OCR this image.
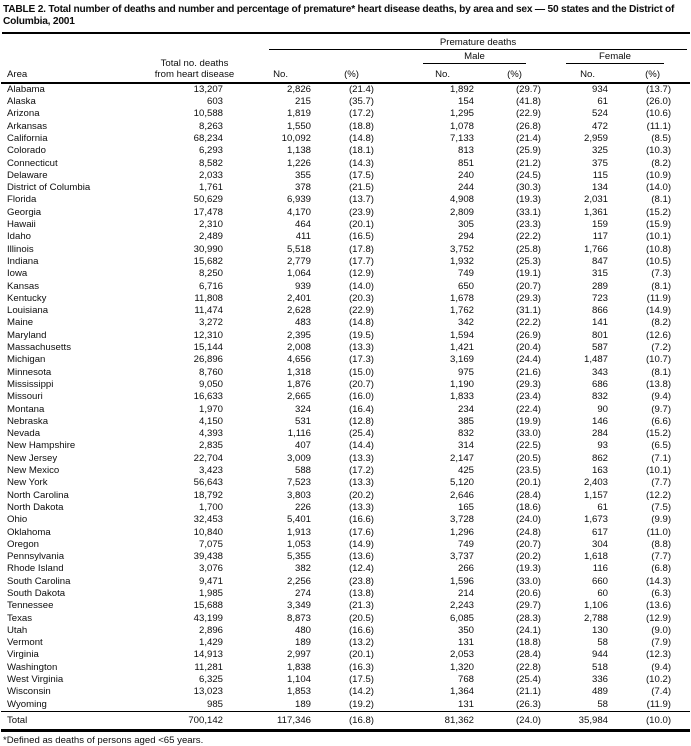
TABLE 2. Total number of deaths and number and percentage of premature* heart disease deaths, by area and sex — 50 states and the District of Columbia, 2001
Area	Total no. deaths
from heart disease	Premature deaths					

				Male		Female	

		No.	(%)	No.	(%)	No.	(%)
Alabama	13,207	2,826	(21.4)	1,892	(29.7)	934	(13.7)
Alaska	603	215	(35.7)	154	(41.8)	61	(26.0)
Arizona	10,588	1,819	(17.2)	1,295	(22.9)	524	(10.6)
Arkansas	8,263	1,550	(18.8)	1,078	(26.8)	472	(11.1)
California	68,234	10,092	(14.8)	7,133	(21.4)	2,959	(8.5)
Colorado	6,293	1,138	(18.1)	813	(25.9)	325	(10.3)
Connecticut	8,582	1,226	(14.3)	851	(21.2)	375	(8.2)
Delaware	2,033	355	(17.5)	240	(24.5)	115	(10.9)
District of Columbia	1,761	378	(21.5)	244	(30.3)	134	(14.0)
Florida	50,629	6,939	(13.7)	4,908	(19.3)	2,031	(8.1)
Georgia	17,478	4,170	(23.9)	2,809	(33.1)	1,361	(15.2)
Hawaii	2,310	464	(20.1)	305	(23.3)	159	(15.9)
Idaho	2,489	411	(16.5)	294	(22.2)	117	(10.1)
Illinois	30,990	5,518	(17.8)	3,752	(25.8)	1,766	(10.8)
Indiana	15,682	2,779	(17.7)	1,932	(25.3)	847	(10.5)
Iowa	8,250	1,064	(12.9)	749	(19.1)	315	(7.3)
Kansas	6,716	939	(14.0)	650	(20.7)	289	(8.1)
Kentucky	11,808	2,401	(20.3)	1,678	(29.3)	723	(11.9)
Louisiana	11,474	2,628	(22.9)	1,762	(31.1)	866	(14.9)
Maine	3,272	483	(14.8)	342	(22.2)	141	(8.2)
Maryland	12,310	2,395	(19.5)	1,594	(26.9)	801	(12.6)
Massachusetts	15,144	2,008	(13.3)	1,421	(20.4)	587	(7.2)
Michigan	26,896	4,656	(17.3)	3,169	(24.4)	1,487	(10.7)
Minnesota	8,760	1,318	(15.0)	975	(21.6)	343	(8.1)
Mississippi	9,050	1,876	(20.7)	1,190	(29.3)	686	(13.8)
Missouri	16,633	2,665	(16.0)	1,833	(23.4)	832	(9.4)
Montana	1,970	324	(16.4)	234	(22.4)	90	(9.7)
Nebraska	4,150	531	(12.8)	385	(19.9)	146	(6.6)
Nevada	4,393	1,116	(25.4)	832	(33.0)	284	(15.2)
New Hampshire	2,835	407	(14.4)	314	(22.5)	93	(6.5)
New Jersey	22,704	3,009	(13.3)	2,147	(20.5)	862	(7.1)
New Mexico	3,423	588	(17.2)	425	(23.5)	163	(10.1)
New York	56,643	7,523	(13.3)	5,120	(20.1)	2,403	(7.7)
North Carolina	18,792	3,803	(20.2)	2,646	(28.4)	1,157	(12.2)
North Dakota	1,700	226	(13.3)	165	(18.6)	61	(7.5)
Ohio	32,453	5,401	(16.6)	3,728	(24.0)	1,673	(9.9)
Oklahoma	10,840	1,913	(17.6)	1,296	(24.8)	617	(11.0)
Oregon	7,075	1,053	(14.9)	749	(20.7)	304	(8.8)
Pennsylvania	39,438	5,355	(13.6)	3,737	(20.2)	1,618	(7.7)
Rhode Island	3,076	382	(12.4)	266	(19.3)	116	(6.8)
South Carolina	9,471	2,256	(23.8)	1,596	(33.0)	660	(14.3)
South Dakota	1,985	274	(13.8)	214	(20.6)	60	(6.3)
Tennessee	15,688	3,349	(21.3)	2,243	(29.7)	1,106	(13.6)
Texas	43,199	8,873	(20.5)	6,085	(28.3)	2,788	(12.9)
Utah	2,896	480	(16.6)	350	(24.1)	130	(9.0)
Vermont	1,429	189	(13.2)	131	(18.8)	58	(7.9)
Virginia	14,913	2,997	(20.1)	2,053	(28.4)	944	(12.3)
Washington	11,281	1,838	(16.3)	1,320	(22.8)	518	(9.4)
West Virginia	6,325	1,104	(17.5)	768	(25.4)	336	(10.2)
Wisconsin	13,023	1,853	(14.2)	1,364	(21.1)	489	(7.4)
Wyoming	985	189	(19.2)	131	(26.3)	58	(11.9)
Total	700,142	117,346	(16.8)	81,362	(24.0)	35,984	(10.0)
*Defined as deaths of persons aged <65 years.
